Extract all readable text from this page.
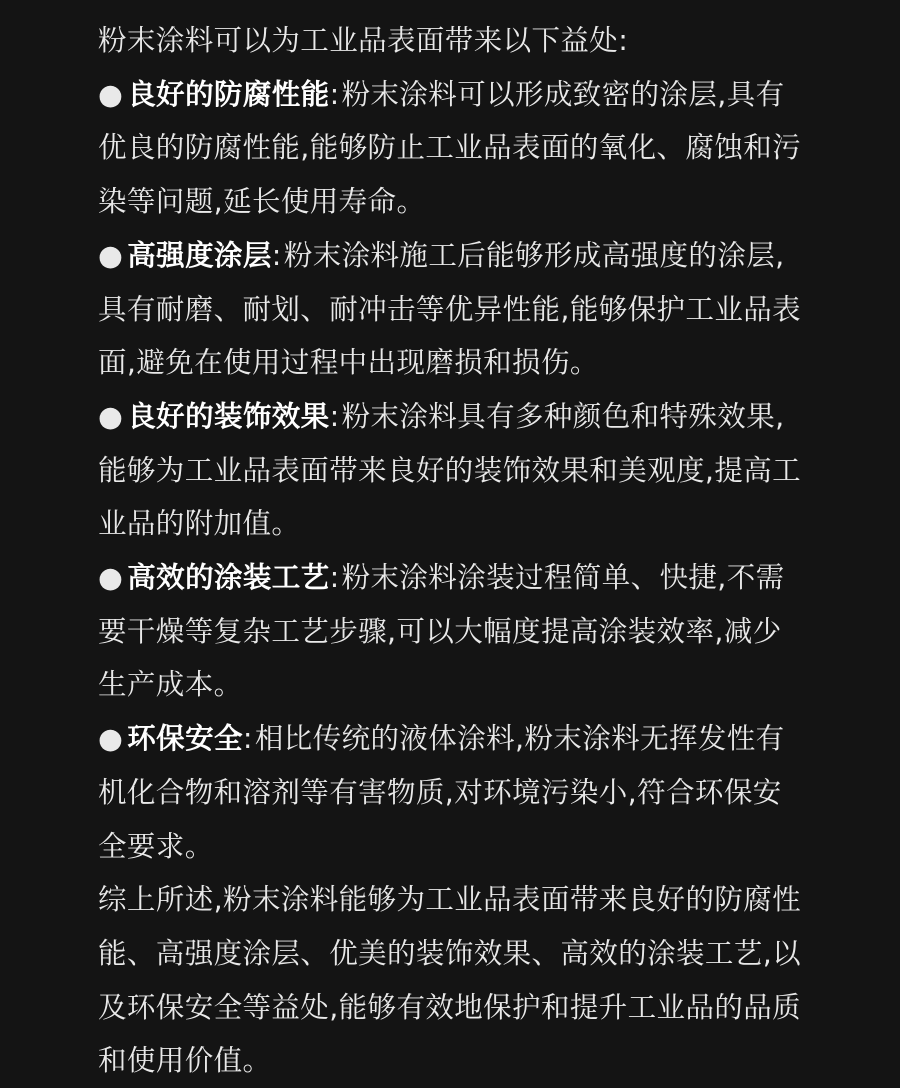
粉末涂料可以为工业品表面带来以下益处:

● 良好的防腐性能:粉末涂料可以形成致密的涂层,具有优良的防腐性能,能够防止工业品表面的氧化、腐蚀和污染等问题,延长使用寿命。

● 高强度涂层:粉末涂料施工后能够形成高强度的涂层,具有耐磨、耐划、耐冲击等优异性能,能够保护工业品表面,避免在使用过程中出现磨损和损伤。

● 良好的装饰效果:粉末涂料具有多种颜色和特殊效果,能够为工业品表面带来良好的装饰效果和美观度,提高工业品的附加值。

● 高效的涂装工艺:粉末涂料涂装过程简单、快捷,不需要干燥等复杂工艺步骤,可以大幅度提高涂装效率,减少生产成本。

● 环保安全:相比传统的液体涂料,粉末涂料无挥发性有机化合物和溶剂等有害物质,对环境污染小,符合环保安全要求。

综上所述,粉末涂料能够为工业品表面带来良好的防腐性能、高强度涂层、优美的装饰效果、高效的涂装工艺,以及环保安全等益处,能够有效地保护和提升工业品的品质和使用价值。
